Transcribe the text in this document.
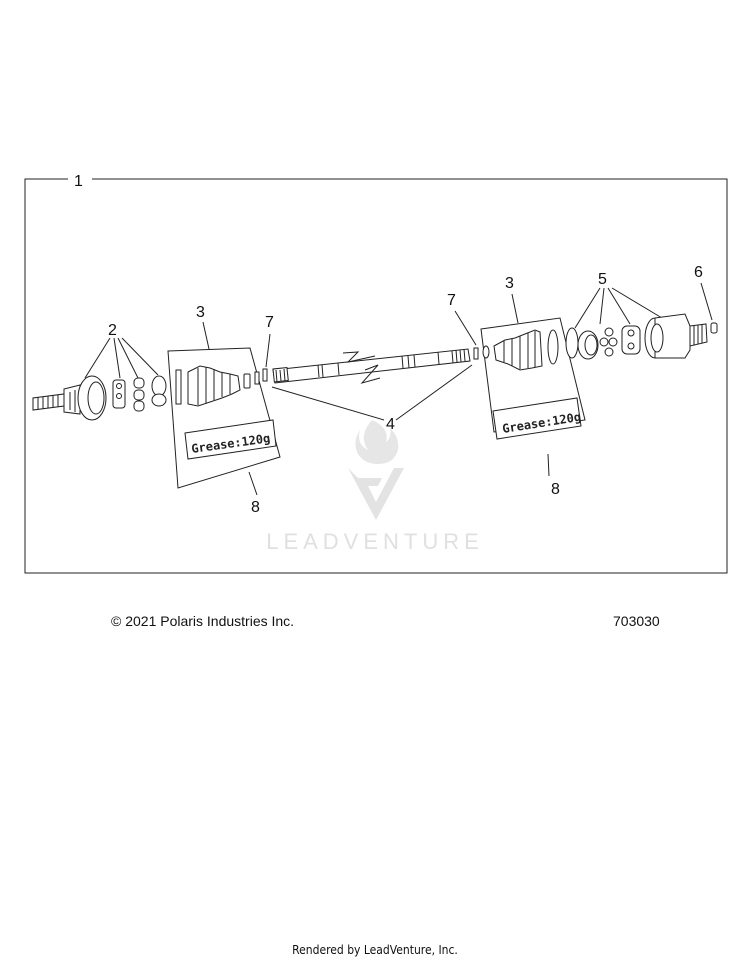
LEADVENTURE
1
2
3
Grease:120g
8
7
4
7
3
Grease:120g
8
5	6
© 2021 Polaris Industries Inc.	703030
Rendered by LeadVenture, Inc.
